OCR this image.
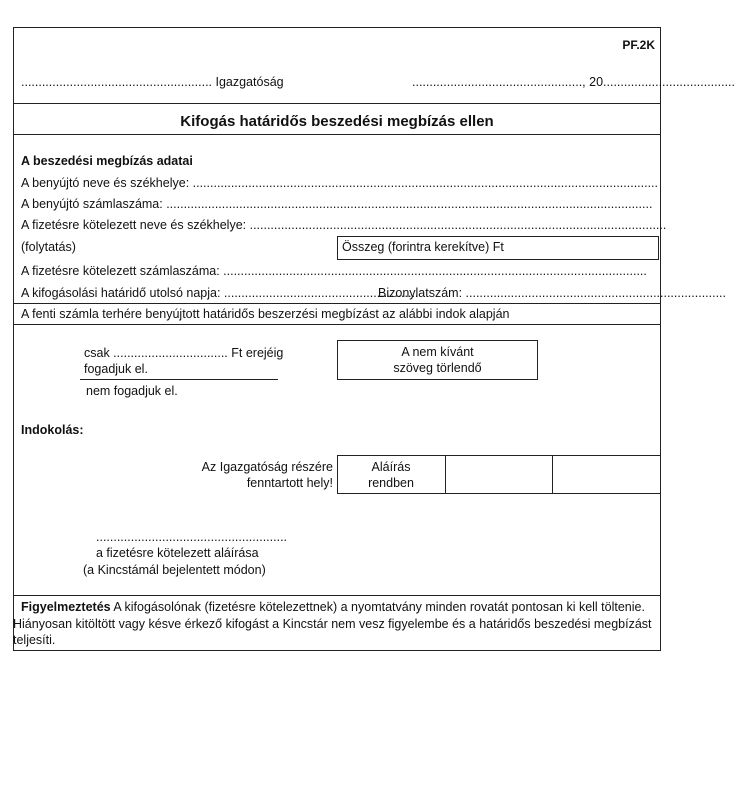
PF.2K
....................................................... Igazgatóság	................................................., 20......................................
Kifogás határidős beszedési megbízás ellen
A beszedési megbízás adatai
A benyújtó neve és székhelye: ......................................................................................................................................
A benyújtó számlaszáma: ............................................................................................................................................
A fizetésre kötelezett neve és székhelye: ........................................................................................................................
(folytatás)	Összeg (forintra kerekítve) Ft
A fizetésre kötelezett számlaszáma: ..........................................................................................................................
A kifogásolási határidő utolsó napja: ........................................................
Bizonylatszám: ...........................................................................
A fenti számla terhére benyújtott határidős beszerzési megbízást az alábbi indok alapján
csak ................................. Ft erejéig
fogadjuk el.
nem fogadjuk el.
A nem kívánt
szöveg törlendő
Indokolás:
Az Igazgatóság részére
fenntartott hely!
Aláírás
rendben
.......................................................
a fizetésre kötelezett aláírása
(a Kincstámál bejelentett módon)
Figyelmeztetés A kifogásolónak (fizetésre kötelezettnek) a nyomtatvány minden rovatát pontosan ki kell töltenie.
Hiányosan kitöltött vagy késve érkező kifogást a Kincstár nem vesz figyelembe és a határidős beszedési megbízást
teljesíti.
